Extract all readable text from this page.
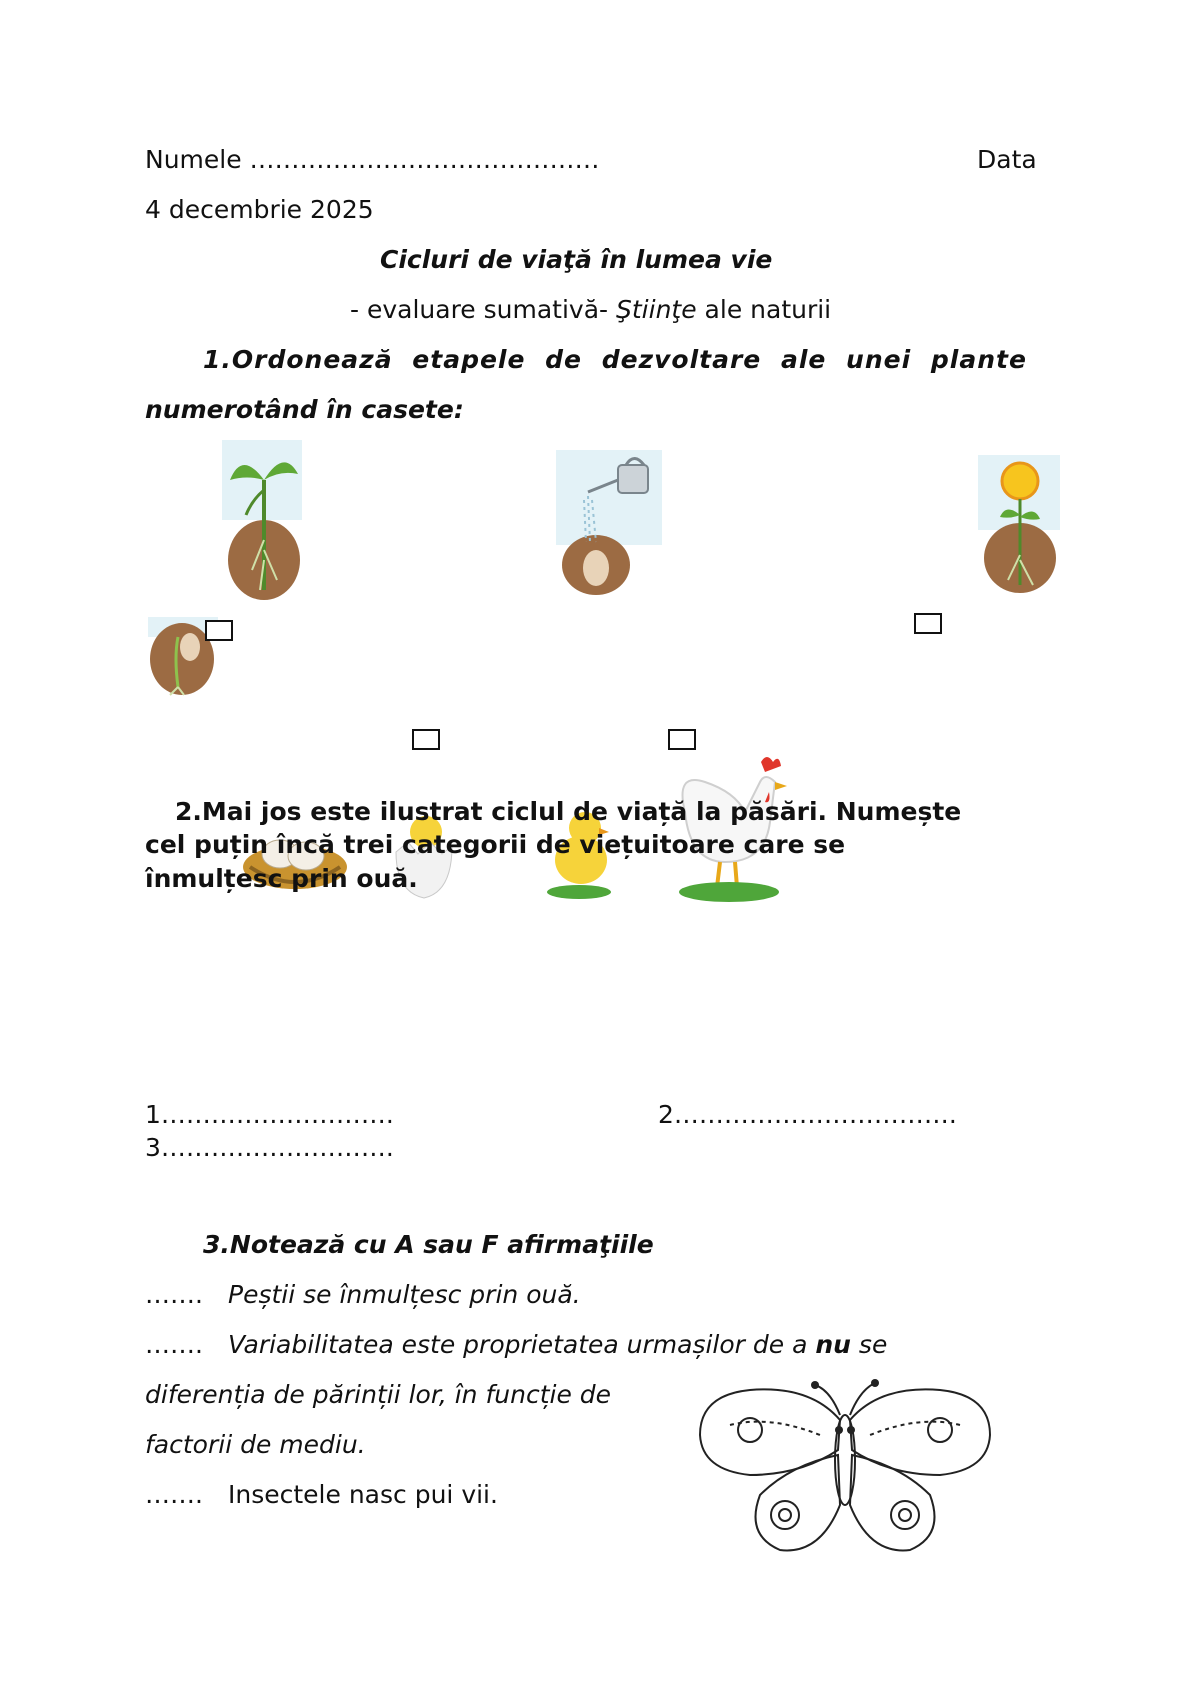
Numele ……………………………………	Data
4 decembrie 2025
Cicluri de viaţă în lumea vie
- evaluare sumativă- Ştiinţe ale naturii
1.Ordonează etapele de dezvoltare ale unei plante
numerotând în casete:
2.Mai jos este ilustrat ciclul de viață la păsări. Numește
cel puțin încă trei categorii de viețuitoare care se
înmulțesc prin ouă.
1……………………….	2…………………………….
3……………………….
3.Notează cu A sau F afirmaţiile
……. Peștii se înmulțesc prin ouă.
……. Variabilitatea este proprietatea urmașilor de a nu se
diferenția de părinții lor, în funcție de
factorii de mediu.
……. Insectele nasc pui vii.
